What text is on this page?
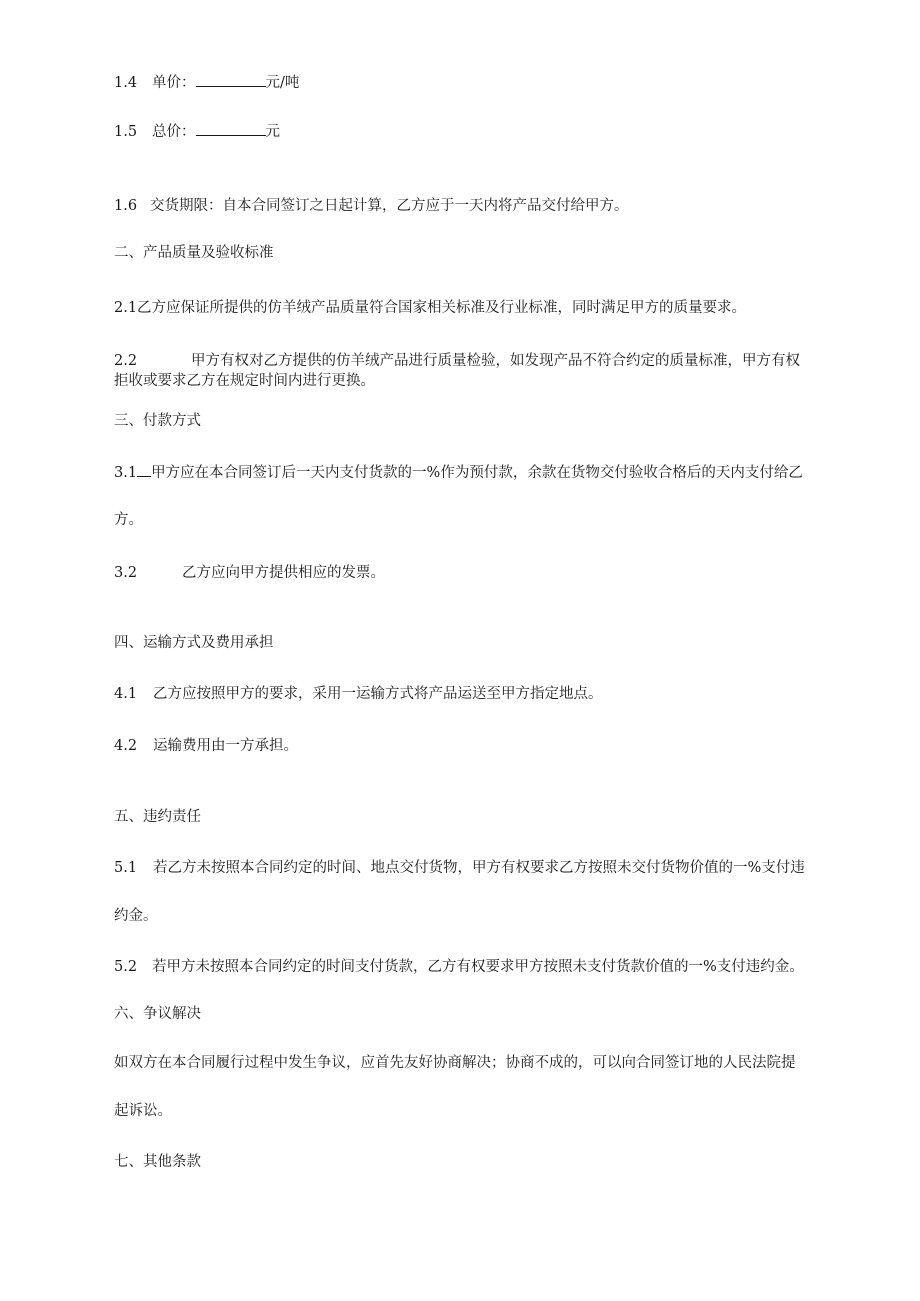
1.4 单价：	元/吨
1.5 总价：	元
1.6 交货期限：自本合同签订之日起计算，乙方应于一天内将产品交付给甲方。
二、产品质量及验收标准
2.1乙方应保证所提供的仿羊绒产品质量符合国家相关标准及行业标准，同时满足甲方的质量要求。
2.2	甲方有权对乙方提供的仿羊绒产品进行质量检验，如发现产品不符合约定的质量标准，甲方有权
拒收或要求乙方在规定时间内进行更换。
三、付款方式
3.1 甲方应在本合同签订后一天内支付货款的一%作为预付款，余款在货物交付验收合格后的天内支付给乙
方。
3.2	乙方应向甲方提供相应的发票。
四、运输方式及费用承担
4.1 乙方应按照甲方的要求，采用一运输方式将产品运送至甲方指定地点。
4.2 运输费用由一方承担。
五、违约责任
5.1 若乙方未按照本合同约定的时间、地点交付货物，甲方有权要求乙方按照未交付货物价值的一%支付违
约金。
5.2 若甲方未按照本合同约定的时间支付货款，乙方有权要求甲方按照未支付货款价值的一%支付违约金。
六、争议解决
如双方在本合同履行过程中发生争议，应首先友好协商解决；协商不成的，可以向合同签订地的人民法院提
起诉讼。
七、其他条款
